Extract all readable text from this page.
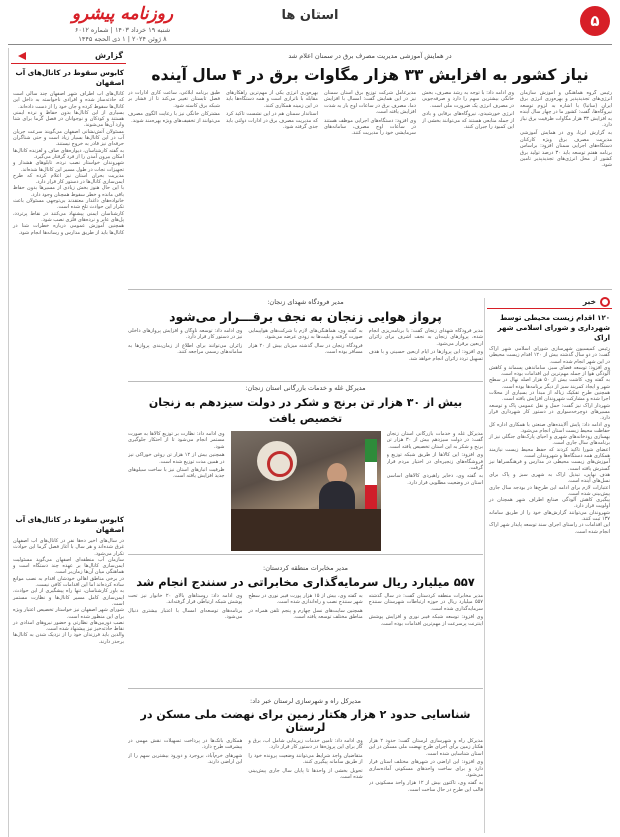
۵
استان ها
روزنامه پیشرو
شنبه ۱۹ خرداد ۱۴۰۳ | شماره ۶۰۱۲
۸ ژوئن ۲۰۲۴ | ۱ ذی الحجه ۱۴۴۵
گزارش
کابوس سقوط در کانال‌های آب اصفهان

کانال‌های آب اطراف شهر اصفهان چند سالی است که حادثه‌ساز شده و افرادی ناخواسته به داخل این کانال‌ها سقوط کرده و جان خود را از دست داده‌اند.

بسیاری از این کانال‌ها بدون حفاظ و نرده ایمنی هستند و کودکان و نوجوانان در فصل گرما برای شنا وارد آن‌ها می‌شوند.

مسئولان آتش‌نشانی اصفهان می‌گویند سرعت جریان آب در این کانال‌ها بسیار زیاد است و حتی شناگران حرفه‌ای نیز قادر به خروج نیستند.

به گفته کارشناسان، دیواره‌های صاف و لغزنده کانال‌ها امکان بیرون آمدن را از فرد گرفتار می‌گیرد.

شهروندان خواستار نصب نرده، تابلوهای هشدار و تجهیزات نجات در طول مسیر این کانال‌ها شده‌اند.

مدیریت بحران استان نیز اعلام کرده که طرح ایمن‌سازی کانال‌ها در دستور کار قرار دارد.

با این حال هنوز بخش زیادی از مسیرها بدون حفاظ باقی مانده و خطر سقوط همچنان وجود دارد.

خانواده‌های داغدار معتقدند بی‌توجهی مسئولان باعث تکرار این حوادث تلخ شده است.

کارشناسان ایمنی پیشنهاد می‌کنند در نقاط پرتردد، پل‌های عابر و نرده‌های فلزی نصب شود.

همچنین آموزش عمومی درباره خطرات شنا در کانال‌ها باید از طریق مدارس و رسانه‌ها انجام شود.

کابوس سقوط در کانال‌های آب اصفهان

در سال‌های اخیر ده‌ها نفر در کانال‌های آب اصفهان غرق شده‌اند و هر سال با آغاز فصل گرما این حوادث تکرار می‌شود.

سازمان آب منطقه‌ای اصفهان می‌گوید مسئولیت ایمن‌سازی کانال‌ها بر عهده چند دستگاه است و هماهنگی میان آن‌ها زمان‌بر است.

در برخی مناطق اهالی خودشان اقدام به نصب موانع ساده کرده‌اند اما این اقدامات کافی نیست.

به باور کارشناسان، تنها راه پیشگیری از این حوادث، ایمن‌سازی کامل مسیر کانال‌ها و نظارت مستمر است.

شورای شهر اصفهان نیز خواستار تخصیص اعتبار ویژه برای این منظور شده است.

نصب دوربین‌های نظارتی و حضور نیروهای امدادی در نقاط حادثه‌خیز نیز پیشنهاد شده است.

والدین باید فرزندان خود را از نزدیک شدن به کانال‌ها برحذر دارند.

در همایش آموزشی مدیریت مصرف برق در سمنان اعلام شد
نیاز کشور به افزایش ۳۳ هزار مگاوات برق در ۴ سال آینده

رئیس گروه هماهنگی و آموزش سازمان انرژی‌های تجدیدپذیر و بهره‌وری انرژی برق ایران (ساتبا) با اشاره به لزوم توسعه نیروگاه‌ها، گفت: کشور ما در چهار سال آینده به افزایش ۳۳ هزار مگاوات ظرفیت برق نیاز دارد.

به گزارش ایرنا، وی در همایش آموزشی مدیریت مصرف برق ویژه کارکنان دستگاه‌های اجرایی سمنان افزود: براساس برنامه هفتم توسعه باید ۳۰ درصد تولید برق کشور از محل انرژی‌های تجدیدپذیر تامین شود.

وی ادامه داد: با توجه به رشد مصرف، بخش خانگی بیشترین سهم را دارد و صرفه‌جویی در مصرف انرژی یک ضرورت ملی است.

انرژی خورشیدی، نیروگاه‌های برقابی و بادی از جمله منابعی هستند که می‌توانند بخشی از این کمبود را جبران کنند.

مدیرعامل شرکت توزیع برق استان سمنان نیز در این همایش گفت: امسال با افزایش دما، مصرف برق در ساعات اوج بار به شدت افزایش یافته است.

وی افزود: دستگاه‌های اجرایی موظف هستند در ساعات اوج مصرف، سامانه‌های سرمایشی خود را مدیریت کنند.

بهره‌وری انرژی یکی از مهم‌ترین راهکارهای مقابله با ناترازی است و همه دستگاه‌ها باید در این زمینه همکاری کنند.

استاندار سمنان هم در این نشست تاکید کرد که مدیریت مصرف برق در ادارات دولتی باید جدی گرفته شود.

طبق برنامه ابلاغی، ساعت کاری ادارات در فصل تابستان تغییر می‌کند تا از فشار بر شبکه برق کاسته شود.

مشترکان خانگی نیز با رعایت الگوی مصرف می‌توانند از تخفیف‌های ویژه بهره‌مند شوند.

خبر
۱۲۰ اقدام زیست محیطی توسط شهرداری و شورای اسلامی شهر اراک

رئیس کمیسیون شهرسازی شورای اسلامی شهر اراک گفت: در دو سال گذشته بیش از ۱۲۰ اقدام زیست محیطی در این شهر انجام شده است.

وی افزود: توسعه فضای سبز، ساماندهی پسماند و کاهش آلودگی هوا از جمله مهم‌ترین این اقدامات بوده است.

به گفته وی، کاشت بیش از ۵۰ هزار اصله نهال در سطح شهر و ایجاد کمربند سبز از دیگر برنامه‌ها بوده است.

همچنین طرح تفکیک زباله از مبدأ در بسیاری از محلات اجرا شده و مشارکت شهروندان افزایش یافته است.

شهردار اراک نیز گفت: حمل و نقل عمومی پاک و توسعه مسیرهای دوچرخه‌سواری در دستور کار شهرداری قرار دارد.

وی ادامه داد: پایش آلاینده‌های صنعتی با همکاری اداره کل حفاظت محیط زیست استان انجام می‌شود.

بهسازی رودخانه‌های شهری و احیای پارک‌های جنگلی نیز از برنامه‌های سال جاری است.

اعضای شورا تاکید کردند که حفظ محیط زیست نیازمند همکاری همه دستگاه‌ها و شهروندان است.

آموزش‌های زیست محیطی در مدارس و فرهنگسراها نیز گسترش یافته است.

هدف نهایی، تبدیل اراک به شهری سبز و پاک برای نسل‌های آینده است.

اعتبارات لازم برای ادامه این طرح‌ها در بودجه سال جاری پیش‌بینی شده است.

پیگیری کاهش آلودگی صنایع اطراف شهر همچنان در اولویت قرار دارد.

شهروندان می‌توانند گزارش‌های خود را از طریق سامانه ۱۳۷ ثبت کنند.

این اقدامات در راستای اجرای سند توسعه پایدار شهر اراک انجام شده است.

مدیر فرودگاه شهدای زنجان:
پرواز هوایی زنجان به نجف برقـــرار می‌شود

مدیر فرودگاه شهدای زنجان گفت: با برنامه‌ریزی انجام شده، پروازهای زنجان به نجف اشرف برای زائران اربعین برقرار می‌شود.

وی افزود: این پروازها در ایام اربعین حسینی و با هدف تسهیل تردد زائران انجام خواهد شد.

به گفته وی، هماهنگی‌های لازم با شرکت‌های هواپیمایی صورت گرفته و بلیت‌ها به زودی عرضه می‌شود.

فرودگاه زنجان در سال گذشته میزبان بیش از ۲۰ هزار مسافر بوده است.

وی ادامه داد: توسعه ناوگان و افزایش پروازهای داخلی نیز در دستور کار قرار دارد.

زائران می‌توانند برای اطلاع از زمان‌بندی پروازها به سامانه‌های رسمی مراجعه کنند.

مدیرکل غله و خدمات بازرگانی استان زنجان:
بیش از ۳۰ هزار تن برنج و شکر در دولت سیزدهم به زنجان تخصیص یافت

مدیرکل غله و خدمات بازرگانی استان زنجان گفت: در دولت سیزدهم بیش از ۳۰ هزار تن برنج و شکر به این استان تخصیص یافته است.

وی افزود: این کالاها از طریق شبکه توزیع و فروشگاه‌های زنجیره‌ای در اختیار مردم قرار گرفت.

به گفته وی، ذخایر راهبردی کالاهای اساسی استان در وضعیت مطلوبی قرار دارد.

وی ادامه داد: نظارت بر توزیع کالاها به صورت مستمر انجام می‌شود تا از احتکار جلوگیری شود.

همچنین بیش از ۱۲ هزار تن روغن خوراکی نیز در همین مدت توزیع شده است.

ظرفیت انبارهای استان نیز با ساخت سیلوهای جدید افزایش یافته است.

مدیر مخابرات منطقه کردستان:
۵۵۷ میلیارد ریال سرمایه‌گذاری مخابراتی در سنندج انجام شد

مدیر مخابرات منطقه کردستان گفت: در سال گذشته ۵۵۷ میلیارد ریال در حوزه ارتباطات شهرستان سنندج سرمایه‌گذاری شده است.

وی افزود: توسعه شبکه فیبر نوری و افزایش پوشش اینترنت پرسرعت از مهم‌ترین اقدامات بوده است.

به گفته وی، بیش از ۱۵ هزار پورت فیبر نوری در سطح شهر سنندج نصب و راه‌اندازی شده است.

همچنین سایت‌های نسل چهارم و پنجم تلفن همراه در مناطق مختلف توسعه یافته است.

وی ادامه داد: روستاهای بالای ۲۰ خانوار نیز تحت پوشش شبکه ارتباطی قرار گرفته‌اند.

برنامه‌های توسعه‌ای امسال با اعتبار بیشتری دنبال می‌شود.

مدیرکل راه و شهرسازی لرستان خبر داد:
شناسایی حدود ۲ هزار هکتار زمین برای نهضت ملی مسکن در لرستان

مدیرکل راه و شهرسازی لرستان گفت: حدود ۲ هزار هکتار زمین برای اجرای طرح نهضت ملی مسکن در این استان شناسایی شده است.

وی افزود: این اراضی در شهرهای مختلف استان قرار دارد و برای ساخت واحدهای مسکونی آماده‌سازی می‌شود.

به گفته وی، تاکنون بیش از ۱۲ هزار واحد مسکونی در قالب این طرح در حال ساخت است.

وی ادامه داد: تامین خدمات زیربنایی شامل آب، برق و گاز برای این پروژه‌ها در دستور کار قرار دارد.

متقاضیان واجد شرایط می‌توانند وضعیت پرونده خود را از طریق سامانه پیگیری کنند.

تحویل بخشی از واحدها تا پایان سال جاری پیش‌بینی شده است.

همکاری بانک‌ها در پرداخت تسهیلات نقش مهمی در پیشرفت طرح دارد.

شهرهای خرم‌آباد، بروجرد و دورود بیشترین سهم را از این اراضی دارند.
